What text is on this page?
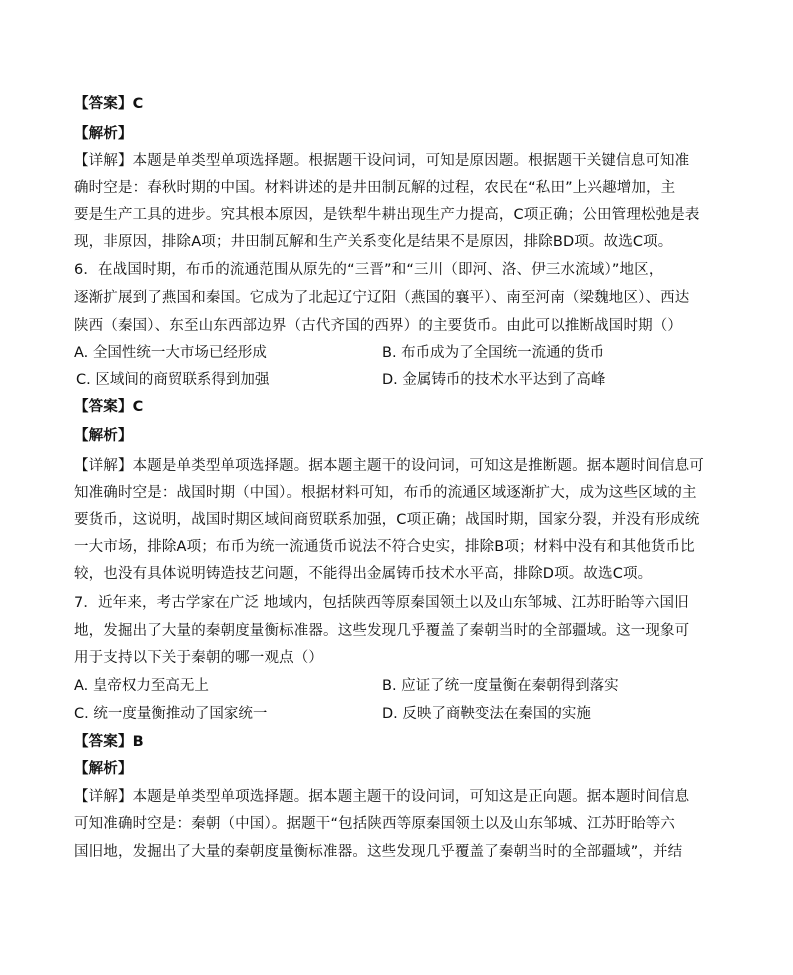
【答案】C
【解析】
【详解】本题是单类型单项选择题。根据题干设问词，可知是原因题。根据题干关键信息可知准
确时空是：春秋时期的中国。材料讲述的是井田制瓦解的过程，农民在“私田”上兴趣增加，主
要是生产工具的进步。究其根本原因，是铁犁牛耕出现生产力提高，C项正确；公田管理松弛是表
现，非原因，排除A项；井田制瓦解和生产关系变化是结果不是原因，排除BD项。故选C项。
6．在战国时期，布币的流通范围从原先的“三晋”和“三川（即河、洛、伊三水流域）”地区，
逐渐扩展到了燕国和秦国。它成为了北起辽宁辽阳（燕国的襄平）、南至河南（梁魏地区）、西达
陕西（秦国）、东至山东西部边界（古代齐国的西界）的主要货币。由此可以推断战国时期（）
A. 全国性统一大市场已经形成	B. 布币成为了全国统一流通的货币
C. 区域间的商贸联系得到加强	D. 金属铸币的技术水平达到了高峰
【答案】C
【解析】
【详解】本题是单类型单项选择题。据本题主题干的设问词，可知这是推断题。据本题时间信息可
知准确时空是：战国时期（中国）。根据材料可知，布币的流通区域逐渐扩大，成为这些区域的主
要货币，这说明，战国时期区域间商贸联系加强，C项正确；战国时期，国家分裂，并没有形成统
一大市场，排除A项；布币为统一流通货币说法不符合史实，排除B项；材料中没有和其他货币比
较，也没有具体说明铸造技艺问题，不能得出金属铸币技术水平高，排除D项。故选C项。
7．近年来，考古学家在广泛 地域内，包括陕西等原秦国领土以及山东邹城、江苏盱眙等六国旧
地，发掘出了大量的秦朝度量衡标准器。这些发现几乎覆盖了秦朝当时的全部疆域。这一现象可
用于支持以下关于秦朝的哪一观点（）
A. 皇帝权力至高无上	B. 应证了统一度量衡在秦朝得到落实
C. 统一度量衡推动了国家统一	D. 反映了商鞅变法在秦国的实施
【答案】B
【解析】
【详解】本题是单类型单项选择题。据本题主题干的设问词，可知这是正向题。据本题时间信息
可知准确时空是：秦朝（中国）。据题干“包括陕西等原秦国领土以及山东邹城、江苏盱眙等六
国旧地，发掘出了大量的秦朝度量衡标准器。这些发现几乎覆盖了秦朝当时的全部疆域”，并结
